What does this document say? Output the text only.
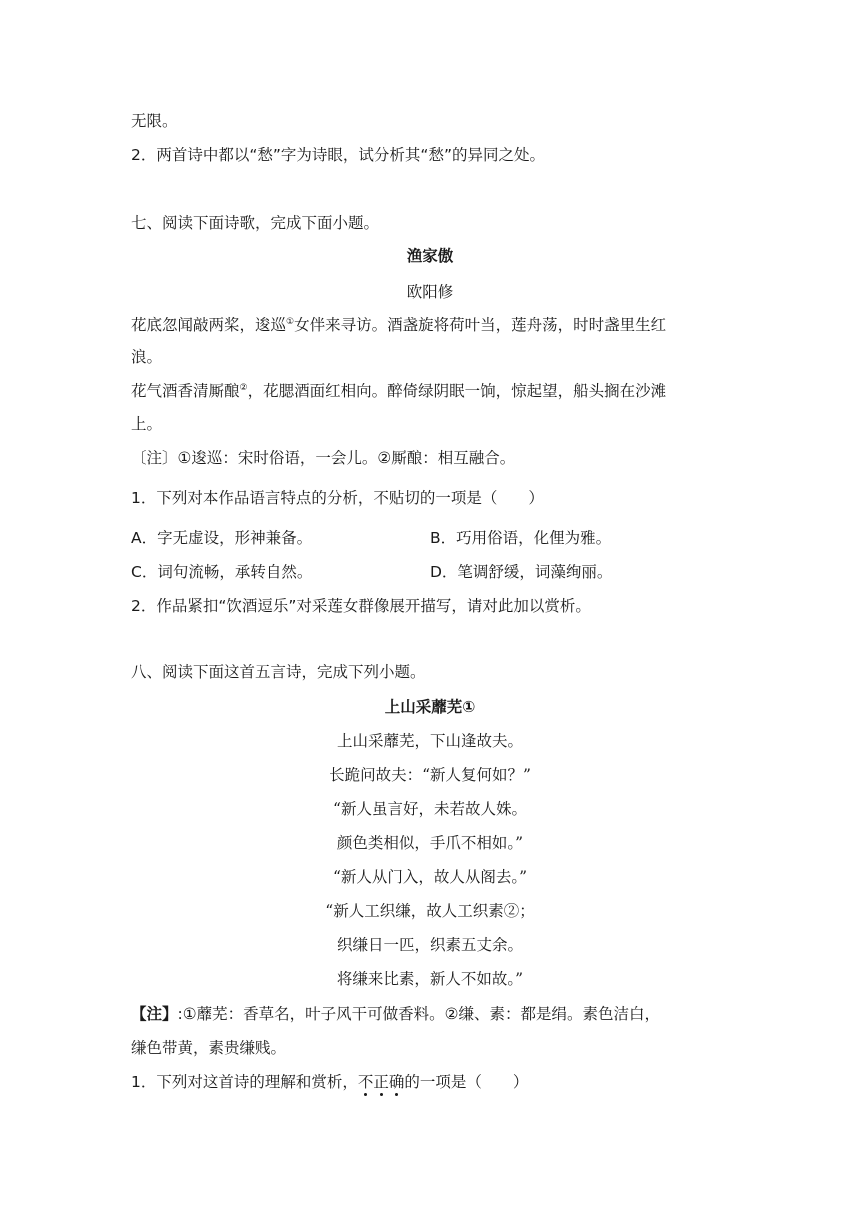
无限。
2．两首诗中都以“愁”字为诗眼，试分析其“愁”的异同之处。
七、阅读下面诗歌，完成下面小题。
渔家傲
欧阳修
花底忽闻敲两桨，逡巡①女伴来寻访。酒盏旋将荷叶当，莲舟荡，时时盏里生红
浪。
花气酒香清厮酿②，花腮酒面红相向。醉倚绿阴眠一饷，惊起望，船头搁在沙滩
上。
〔注〕①逡巡：宋时俗语，一会儿。②厮酿：相互融合。
1．下列对本作品语言特点的分析，不贴切的一项是（　　）
A．字无虚设，形神兼备。	B．巧用俗语，化俚为雅。
C．词句流畅，承转自然。	D．笔调舒缓，词藻绚丽。
2．作品紧扣“饮酒逗乐”对采莲女群像展开描写，请对此加以赏析。
八、阅读下面这首五言诗，完成下列小题。
上山采蘼芜①
上山采蘼芜，下山逢故夫。
长跪问故夫：“新人复何如？”
“新人虽言好，未若故人姝。
颜色类相似，手爪不相如。”
“新人从门入，故人从阁去。”
“新人工织缣，故人工织素②；
织缣日一匹，织素五丈余。
将缣来比素，新人不如故。”
【注】:①蘼芜：香草名，叶子风干可做香料。②缣、素：都是绢。素色洁白，
缣色带黄，素贵缣贱。
1．下列对这首诗的理解和赏析，不正确的一项是（　　）
